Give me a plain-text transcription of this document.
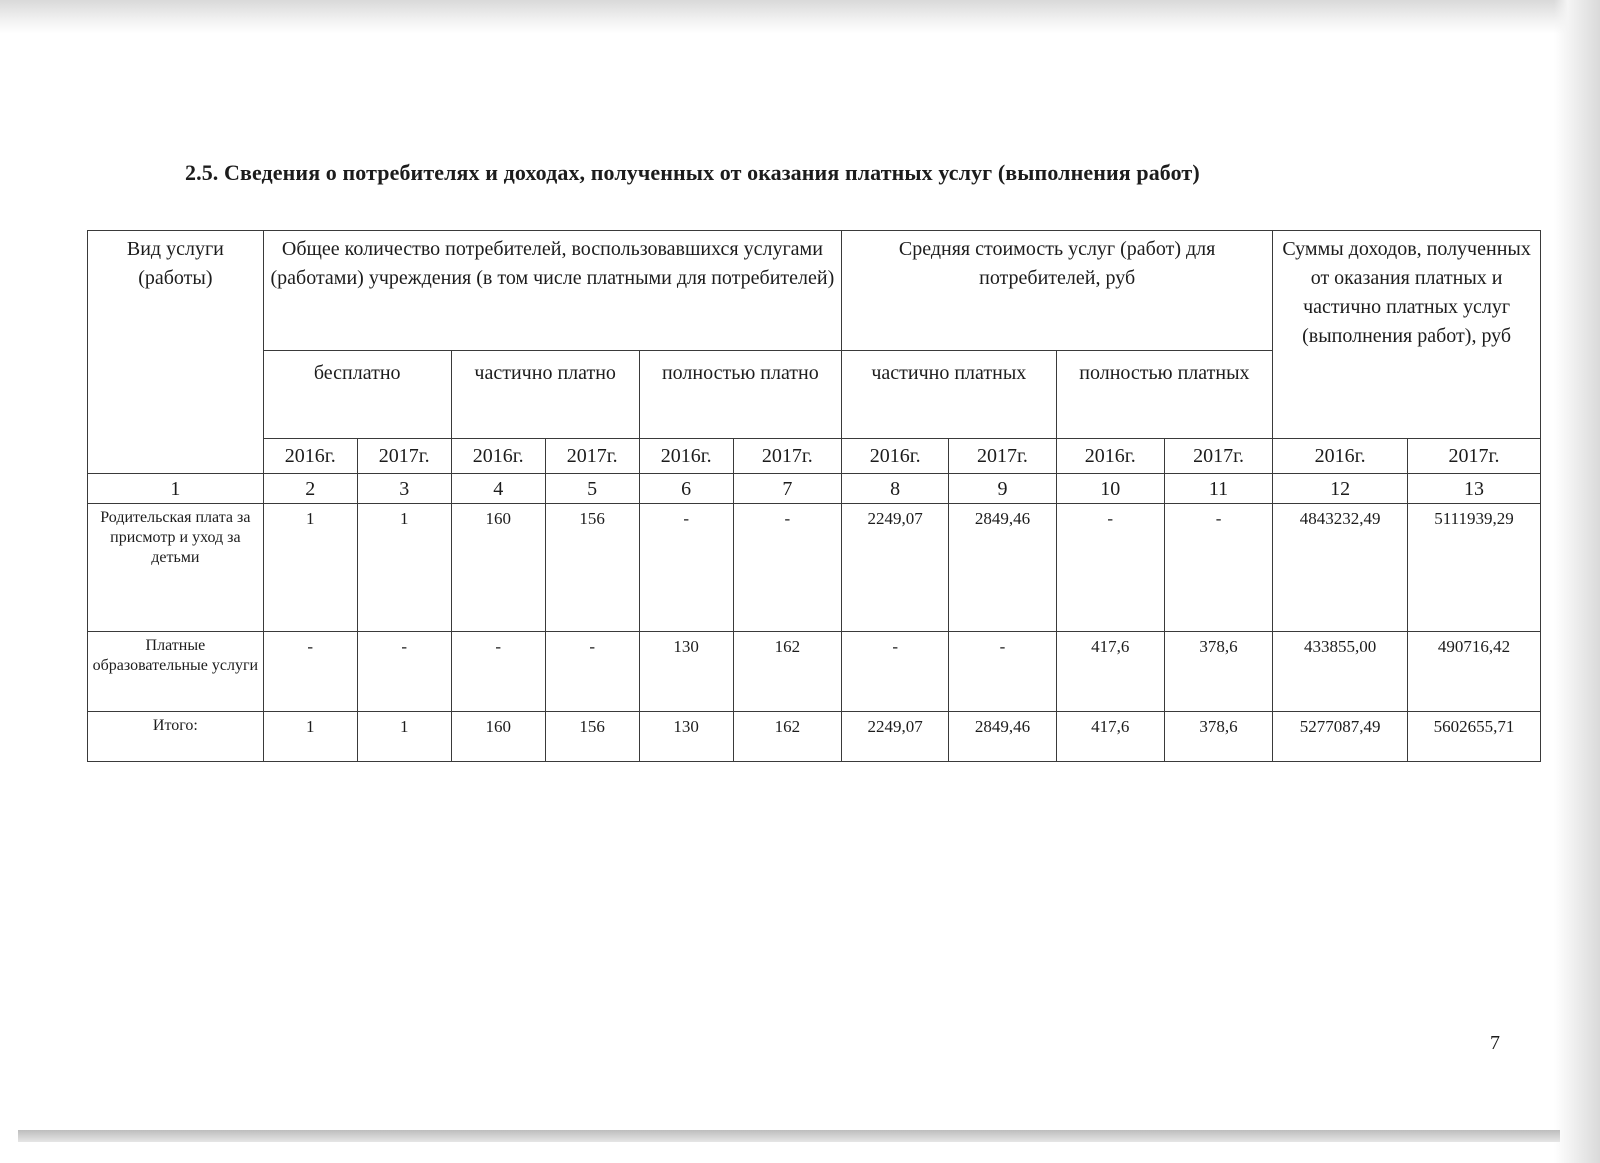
2.5. Сведения о потребителях и доходах, полученных от оказания платных услуг (выполнения работ)
Вид услуги (работы)	Общее количество потребителей, воспользовавшихся услугами (работами) учреждения (в том числе платными для потребителей)						Средняя стоимость услуг (работ) для потребителей, руб				Суммы доходов, полученных от оказания платных и частично платных услуг (выполнения работ), руб	
	бесплатно		частично платно		полностью платно		частично платных		полностью платных			
	2016г.	2017г.	2016г.	2017г.	2016г.	2017г.	2016г.	2017г.	2016г.	2017г.	2016г.	2017г.
1	2	3	4	5	6	7	8	9	10	11	12	13
Родительская плата за присмотр и уход за детьми	1	1	160	156	-	-	2249,07	2849,46	-	-	4843232,49	5111939,29
Платные образовательные услуги	-	-	-	-	130	162	-	-	417,6	378,6	433855,00	490716,42
Итого:	1	1	160	156	130	162	2249,07	2849,46	417,6	378,6	5277087,49	5602655,71
7
